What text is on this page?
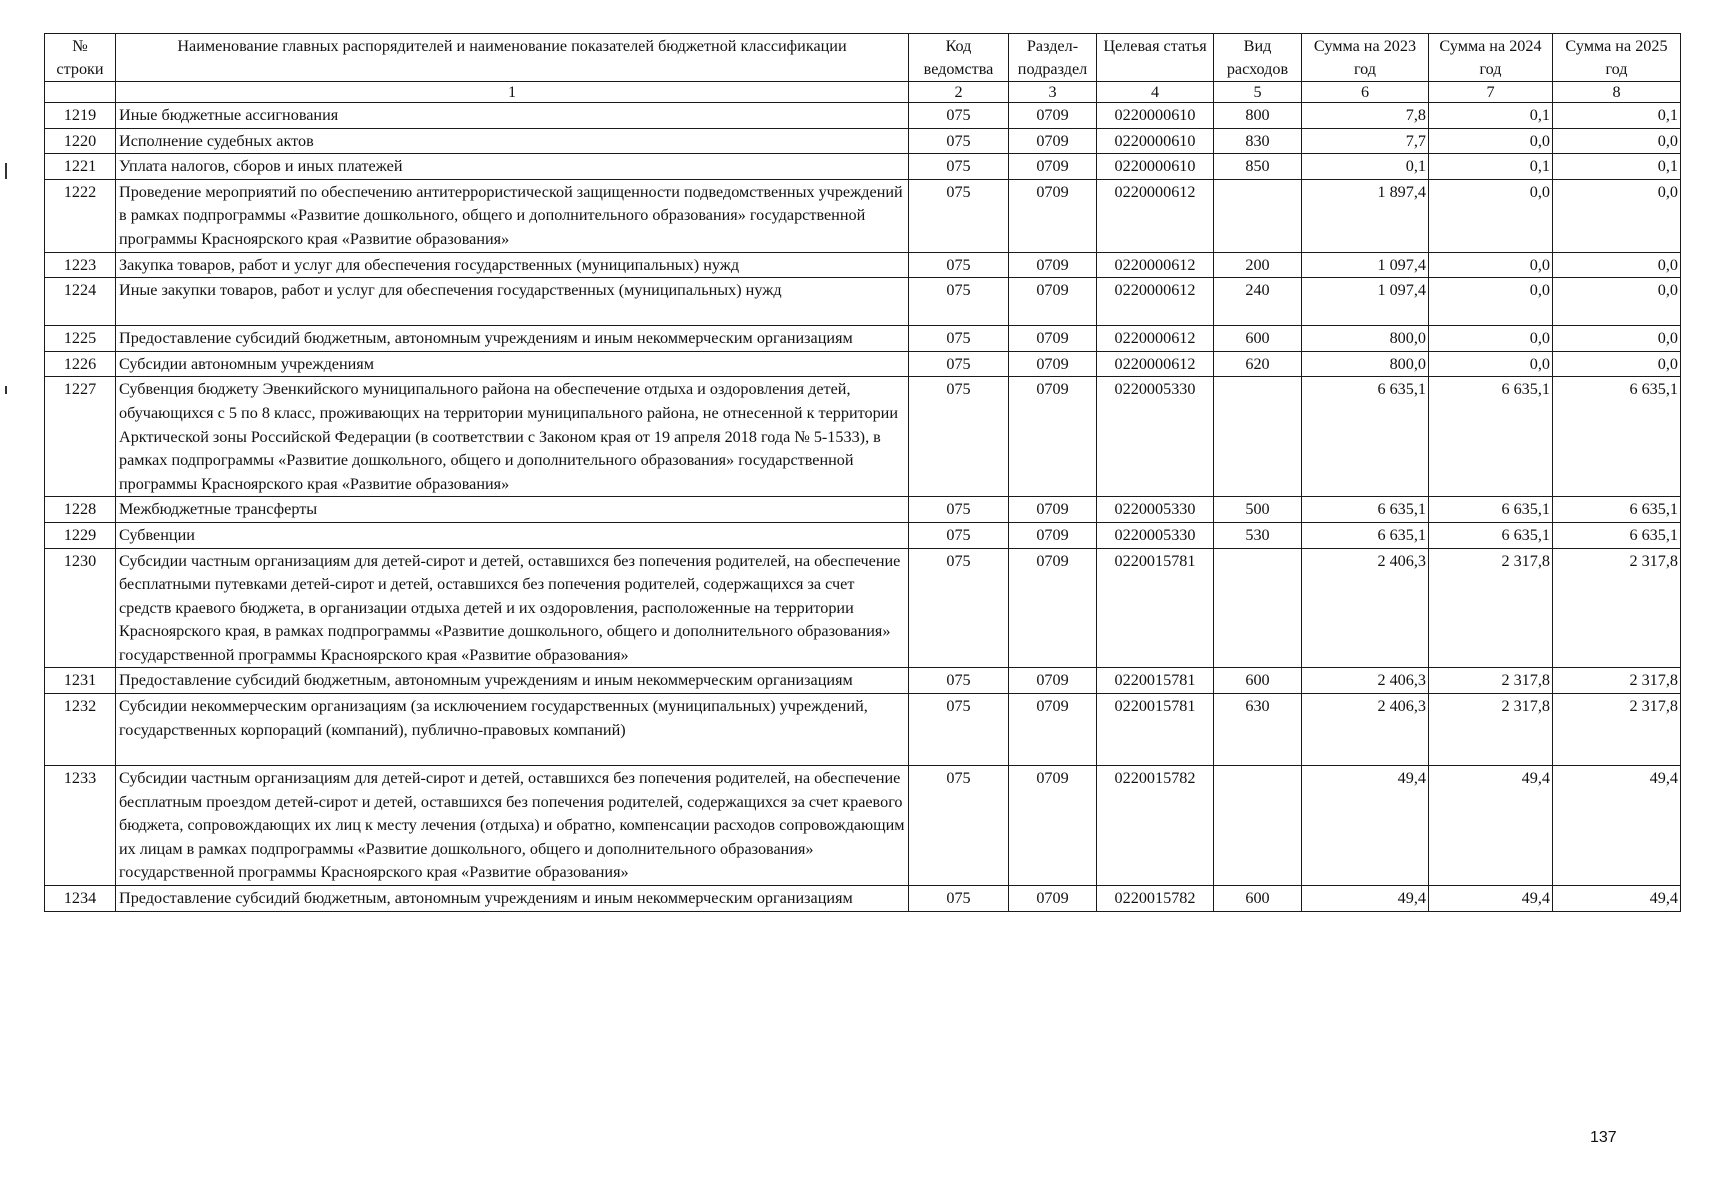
№ строки	Наименование главных распорядителей и наименование показателей бюджетной классификации	Код ведомства	Раздел-подраздел	Целевая статья	Вид расходов	Сумма на 2023 год	Сумма на 2024 год	Сумма на 2025 год
	1	2	3	4	5	6	7	8
1219	Иные бюджетные ассигнования	075	0709	0220000610	800	7,8	0,1	0,1
1220	Исполнение судебных актов	075	0709	0220000610	830	7,7	0,0	0,0
1221	Уплата налогов, сборов и иных платежей	075	0709	0220000610	850	0,1	0,1	0,1
1222	Проведение мероприятий по обеспечению антитеррористической защищенности подведомственных учреждений в рамках подпрограммы «Развитие дошкольного, общего и дополнительного образования» государственной программы Красноярского края «Развитие образования»	075	0709	0220000612		1 897,4	0,0	0,0
1223	Закупка товаров, работ и услуг для обеспечения государственных (муниципальных) нужд	075	0709	0220000612	200	1 097,4	0,0	0,0
1224	Иные закупки товаров, работ и услуг для обеспечения государственных (муниципальных) нужд	075	0709	0220000612	240	1 097,4	0,0	0,0
1225	Предоставление субсидий бюджетным, автономным учреждениям и иным некоммерческим организациям	075	0709	0220000612	600	800,0	0,0	0,0
1226	Субсидии автономным учреждениям	075	0709	0220000612	620	800,0	0,0	0,0
1227	Субвенция бюджету Эвенкийского муниципального района на обеспечение отдыха и оздоровления детей, обучающихся с 5 по 8 класс, проживающих на территории муниципального района, не отнесенной к территории Арктической зоны Российской Федерации (в соответствии с Законом края от 19 апреля 2018 года № 5-1533), в рамках подпрограммы «Развитие дошкольного, общего и дополнительного образования» государственной программы Красноярского края «Развитие образования»	075	0709	0220005330		6 635,1	6 635,1	6 635,1
1228	Межбюджетные трансферты	075	0709	0220005330	500	6 635,1	6 635,1	6 635,1
1229	Субвенции	075	0709	0220005330	530	6 635,1	6 635,1	6 635,1
1230	Субсидии частным организациям для детей-сирот и детей, оставшихся без попечения родителей, на обеспечение бесплатными путевками детей-сирот и детей, оставшихся без попечения родителей, содержащихся за счет средств краевого бюджета, в организации отдыха детей и их оздоровления, расположенные на территории Красноярского края, в рамках подпрограммы «Развитие дошкольного, общего и дополнительного образования» государственной программы Красноярского края «Развитие образования»	075	0709	0220015781		2 406,3	2 317,8	2 317,8
1231	Предоставление субсидий бюджетным, автономным учреждениям и иным некоммерческим организациям	075	0709	0220015781	600	2 406,3	2 317,8	2 317,8
1232	Субсидии некоммерческим организациям (за исключением государственных (муниципальных) учреждений, государственных корпораций (компаний), публично-правовых компаний)	075	0709	0220015781	630	2 406,3	2 317,8	2 317,8
1233	Субсидии частным организациям для детей-сирот и детей, оставшихся без попечения родителей, на обеспечение бесплатным проездом детей-сирот и детей, оставшихся без попечения родителей, содержащихся за счет краевого бюджета, сопровождающих их лиц к месту лечения (отдыха) и обратно, компенсации расходов сопровождающим их лицам в рамках подпрограммы «Развитие дошкольного, общего и дополнительного образования» государственной программы Красноярского края «Развитие образования»	075	0709	0220015782		49,4	49,4	49,4
1234	Предоставление субсидий бюджетным, автономным учреждениям и иным некоммерческим организациям	075	0709	0220015782	600	49,4	49,4	49,4
137
